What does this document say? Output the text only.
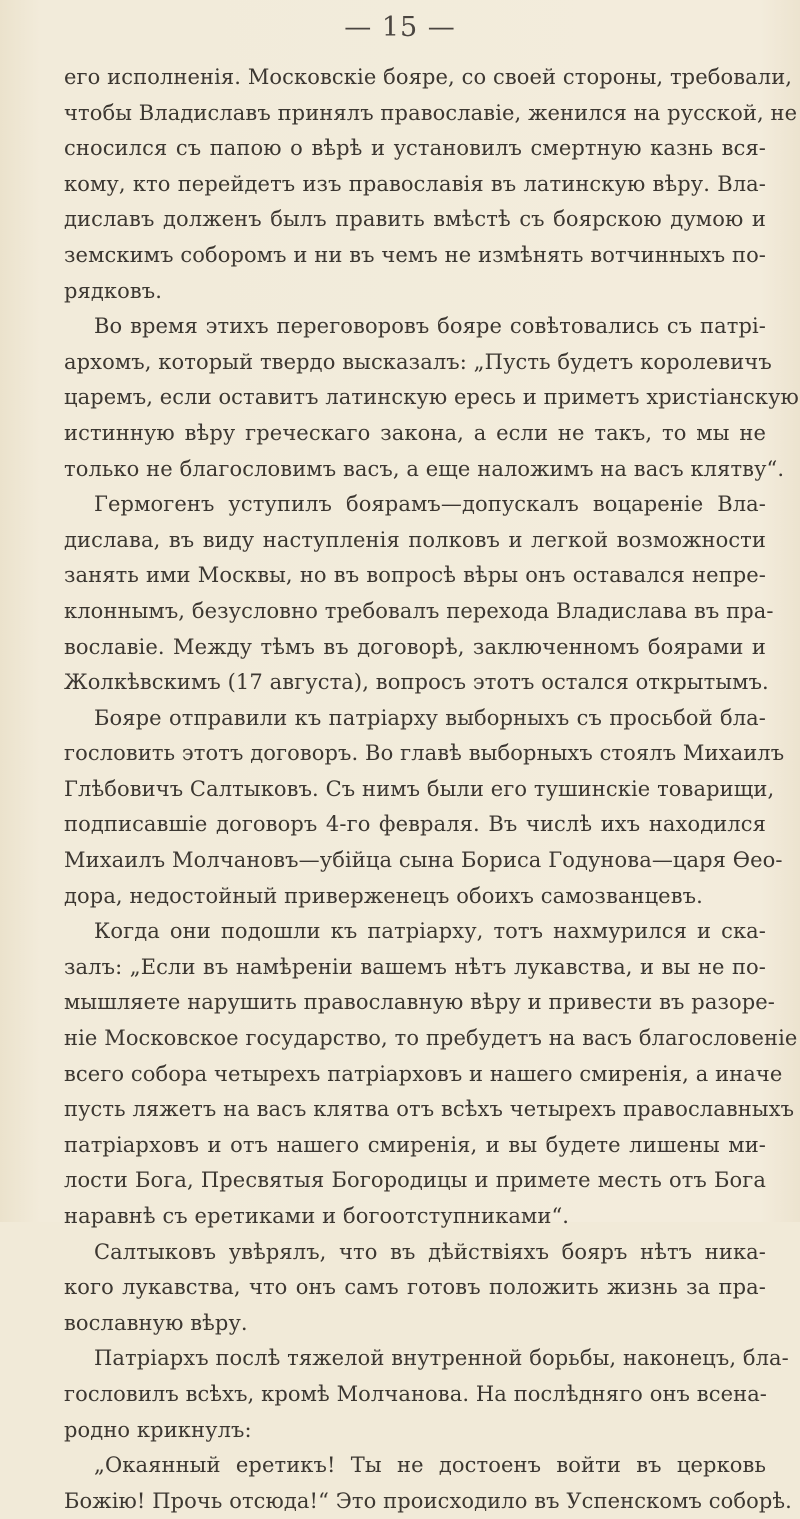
— 15 —
его исполненія. Московскіе бояре, со своей стороны, требовали,
чтобы Владиславъ принялъ православіе, женился на русской, не
сносился съ папою о вѣрѣ и установилъ смертную казнь вся-
кому, кто перейдетъ изъ православія въ латинскую вѣру. Вла-
диславъ долженъ былъ править вмѣстѣ съ боярскою думою и
земскимъ соборомъ и ни въ чемъ не измѣнять вотчинныхъ по-
рядковъ.
Во время этихъ переговоровъ бояре совѣтовались съ патрі-
архомъ, который твердо высказалъ: „Пусть будетъ королевичъ
царемъ, если оставитъ латинскую ересь и приметъ христіанскую
истинную вѣру греческаго закона, а если не такъ, то мы не
только не благословимъ васъ, а еще наложимъ на васъ клятву“.
Гермогенъ уступилъ боярамъ—допускалъ воцареніе Вла-
дислава, въ виду наступленія полковъ и легкой возможности
занять ими Москвы, но въ вопросѣ вѣры онъ оставался непре-
клоннымъ, безусловно требовалъ перехода Владислава въ пра-
вославіе. Между тѣмъ въ договорѣ, заключенномъ боярами и
Жолкѣвскимъ (17 августа), вопросъ этотъ остался открытымъ.
Бояре отправили къ патріарху выборныхъ съ просьбой бла-
гословить этотъ договоръ. Во главѣ выборныхъ стоялъ Михаилъ
Глѣбовичъ Салтыковъ. Съ нимъ были его тушинскіе товарищи,
подписавшіе договоръ 4-го февраля. Въ числѣ ихъ находился
Михаилъ Молчановъ—убійца сына Бориса Годунова—царя Ѳео-
дора, недостойный приверженецъ обоихъ самозванцевъ.
Когда они подошли къ патріарху, тотъ нахмурился и ска-
залъ: „Если въ намѣреніи вашемъ нѣтъ лукавства, и вы не по-
мышляете нарушить православную вѣру и привести въ разоре-
ніе Московское государство, то пребудетъ на васъ благословеніе
всего собора четырехъ патріарховъ и нашего смиренія, а иначе
пусть ляжетъ на васъ клятва отъ всѣхъ четырехъ православныхъ
патріарховъ и отъ нашего смиренія, и вы будете лишены ми-
лости Бога, Пресвятыя Богородицы и примете месть отъ Бога
наравнѣ съ еретиками и богоотступниками“.
Салтыковъ увѣрялъ, что въ дѣйствіяхъ бояръ нѣтъ ника-
кого лукавства, что онъ самъ готовъ положить жизнь за пра-
вославную вѣру.
Патріархъ послѣ тяжелой внутренной борьбы, наконецъ, бла-
гословилъ всѣхъ, кромѣ Молчанова. На послѣдняго онъ всена-
родно крикнулъ:
„Окаянный еретикъ! Ты не достоенъ войти въ церковь
Божію! Прочь отсюда!“ Это происходило въ Успенскомъ соборѣ.
